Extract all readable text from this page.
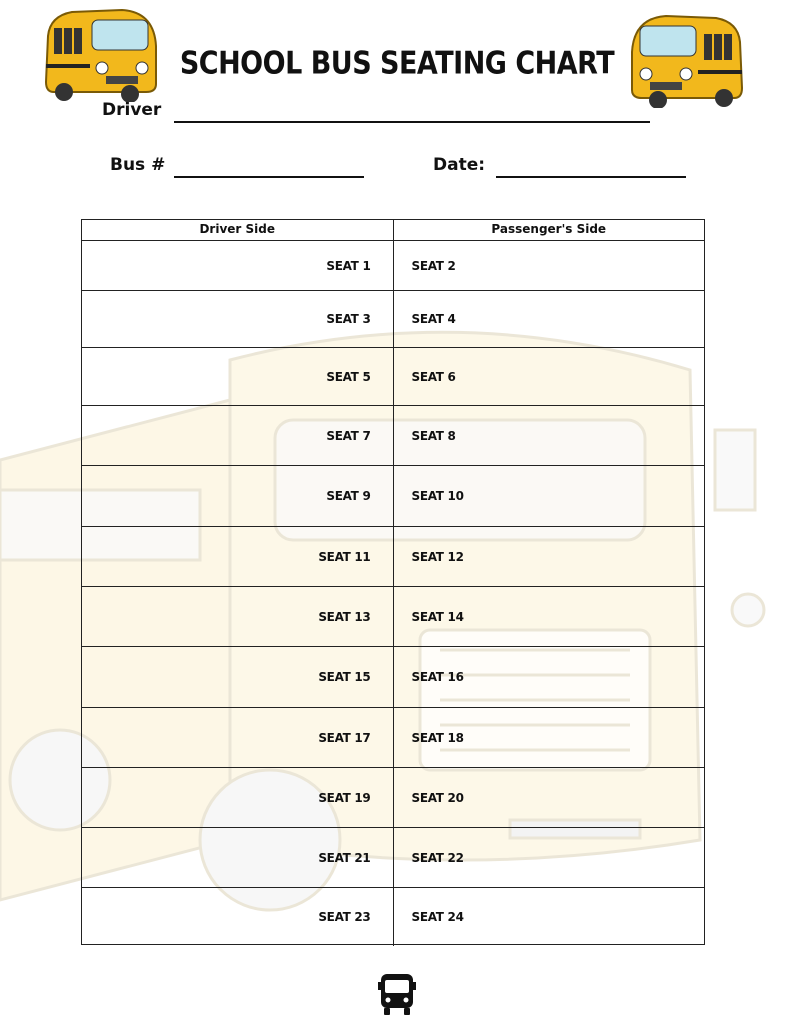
SCHOOL BUS SEATING CHART
Driver
Bus #	Date:
Driver Side	Passenger's Side
SEAT 1	SEAT 2
SEAT 3	SEAT 4
SEAT 5	SEAT 6
SEAT 7	SEAT 8
SEAT 9	SEAT 10
SEAT 11	SEAT 12
SEAT 13	SEAT 14
SEAT 15	SEAT 16
SEAT 17	SEAT 18
SEAT 19	SEAT 20
SEAT 21	SEAT 22
SEAT 23	SEAT 24
